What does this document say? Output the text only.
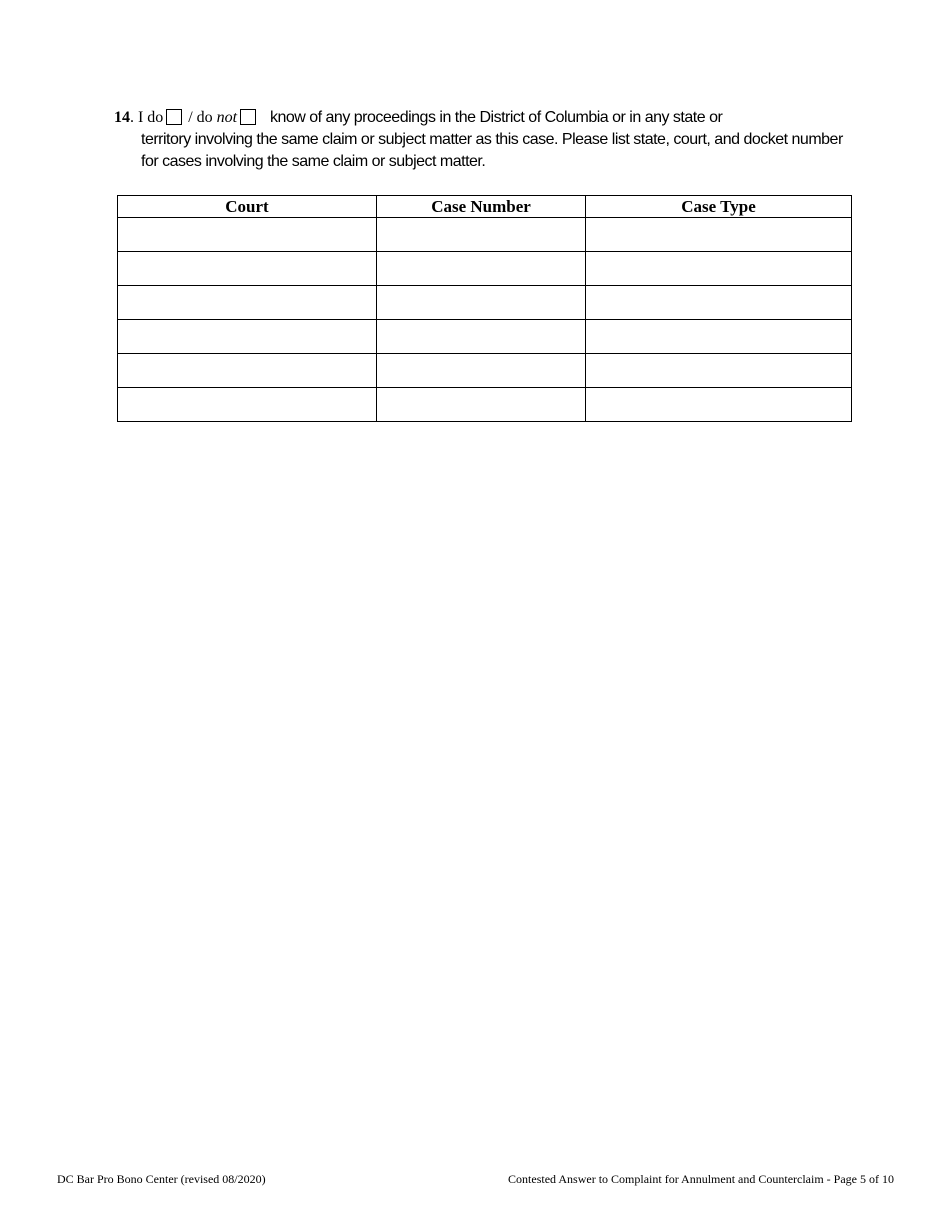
14. I do / do not know of any proceedings in the District of Columbia or in any state or
territory involving the same claim or subject matter as this case. Please list state, court, and docket number for cases involving the same claim or subject matter.
Court		Case Number	Case Type

DC Bar Pro Bono Center (revised 08/2020)	Contested Answer to Complaint for Annulment and Counterclaim - Page 5 of 10
